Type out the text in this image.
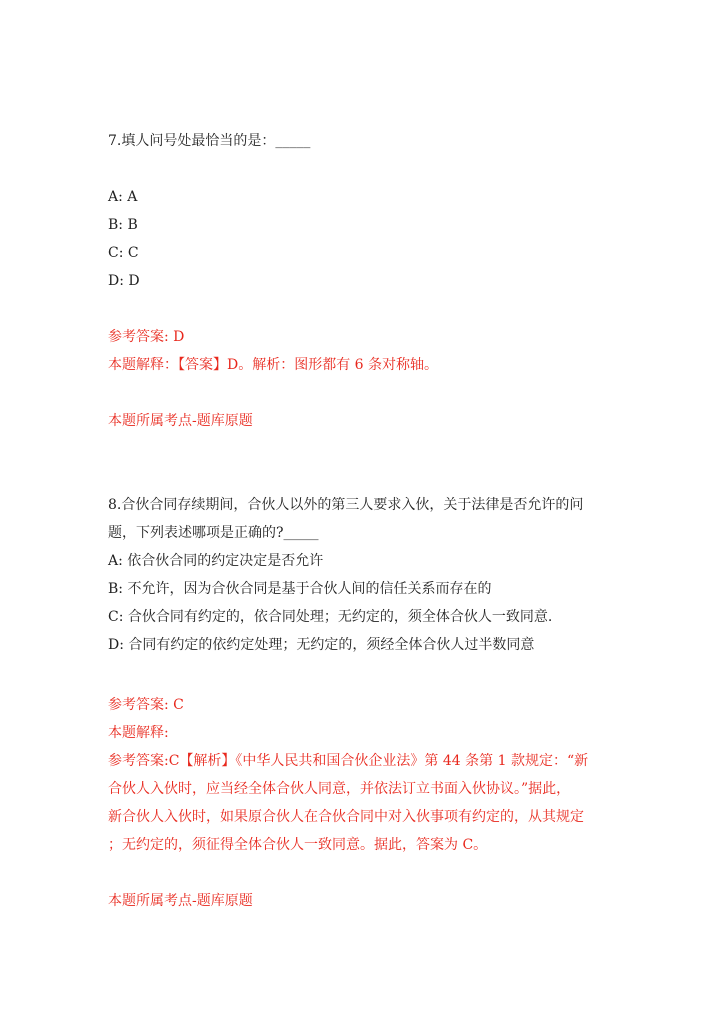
7.填人问号处最恰当的是：_____
A: A
B: B
C: C
D: D
参考答案: D
本题解释：【答案】D。解析：图形都有 6 条对称轴。
本题所属考点-题库原题
8.合伙合同存续期间，合伙人以外的第三人要求入伙，关于法律是否允许的问
题，下列表述哪项是正确的?_____
A: 依合伙合同的约定决定是否允许
B: 不允许，因为合伙合同是基于合伙人间的信任关系而存在的
C: 合伙合同有约定的，依合同处理；无约定的，须全体合伙人一致同意.
D: 合同有约定的依约定处理；无约定的，须经全体合伙人过半数同意
参考答案: C
本题解释:
参考答案:C【解析】《中华人民共和国合伙企业法》第 44 条第 1 款规定：“新
合伙人入伙时，应当经全体合伙人同意，并依法订立书面入伙协议。”据此，
新合伙人入伙时，如果原合伙人在合伙合同中对入伙事项有约定的，从其规定
；无约定的，须征得全体合伙人一致同意。据此，答案为 C。
本题所属考点-题库原题
